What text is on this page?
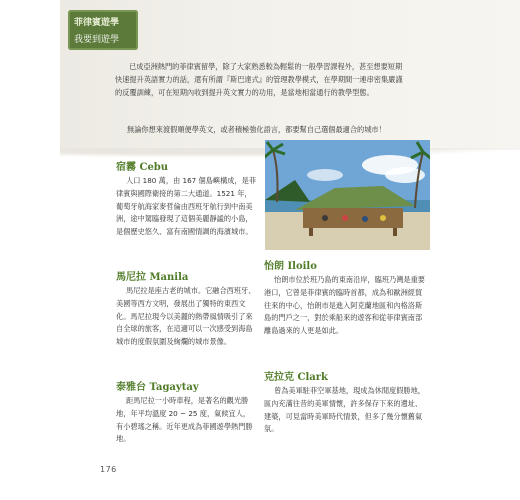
菲律賓遊學
我要到遊學

已成亞洲熱門的菲律賓留學，除了大家熟悉較為輕鬆的一般學習課程外，甚至想要短期快速提升英語實力的話，還有所謂『斯巴達式』的管理教學模式，在學期間一連串密集嚴謹的反覆訓練，可在短期內收到提升英文實力的功用，是當地相當通行的教學型態。

無論你想來渡假順便學英文，或者積極強化語言，都要幫自己選個最適合的城市！
宿霧 Cebu

人口 180 萬，由 167 個島嶼構成，是菲律賓與國際衛接的第二大通道。1521 年，葡萄牙航海家麥哲倫由西班牙航行到中南美洲，途中駕臨發現了這個美麗靜謐的小島，是個歷史悠久、富有南國情調的海濱城市。

馬尼拉 Manila

馬尼拉是座古老的城市。它融合西班牙、美國等西方文明，發展出了獨特的東西文化。馬尼拉現今以美麗的熱帶風情吸引了來自全球的旅客，在這適可以一次感受到海島城市的度假氛圍及絢爛的城市景像。

怡朗 Iloilo

怡朗市位於班乃島的東南沿岸，臨班乃灣是重要港口，它曾是菲律賓的臨時首都，成為和歐洲經貿往來的中心，怡朗市是進入阿克蘭地區和內格洛斯島的門戶之一，對於乘船來的遊客和從菲律賓南部離島過來的人更是如此。

泰雅台 Tagaytay

距馬尼拉一小時車程，是著名的觀光勝地，年平均溫度 20 ~ 25 度，氣候宜人，有小碧瑤之稱。近年更成為菲國遊學熱門勝地。

克拉克 Clark

曾為美軍駐菲空軍基地，現成為休閒度假勝地，區內充滿往昔的美軍情懷，許多保存下來的遺址、建築，可見當時美軍時代情景，但多了幾分懷舊氣氛。

176
